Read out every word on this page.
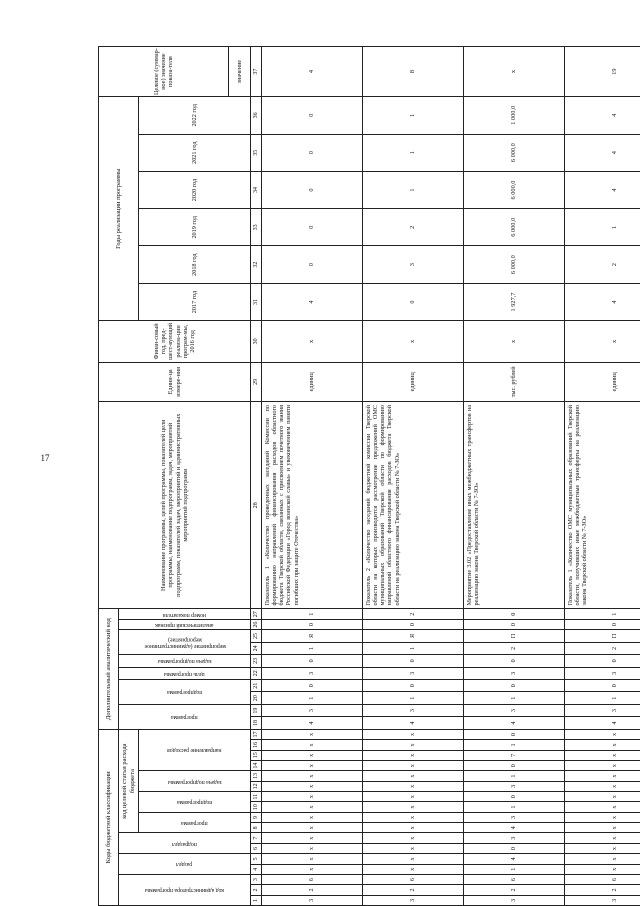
17
Коды бюджетной классификации																	Дополнительный аналитический код										Наименование программы, целей программы, показателей цели программы, наименование подпрограмм, задач, мероприятий подпрограмм, показателей задач, мероприятий и административных мероприятий подпрограмм	Едини-ца измере-ния	Финан-совый год, пред-шест-вующий реализа-ции програм-мы, 2016 год	Годы реализации программы						Целевое (суммар-ное) значение показа-теля

код администратора программы			раздел		подраздел		код целевой статьи расхода бюджета										программа		подпрограмма		цель программы	задача подпрограммы	мероприятие (административное мероприятие)		аналитический признак	номер показателя										

							программа		подпрограмма		задача подпрограммы		направление расходов																	2017 год	2018 год	2019 год	2020 год	2021 год	2022 год	
																																				значение
1	2	3	4	5	6	7	8	9	10	11	12	13	14	15	16	17	18	19	20	21	22	23	24	25	26	27	28	29	30	31	32	33	34	35	36	37
3	2	6	х	х	х	х	х	х	х	х	х	х	х	х	х	х	4	3	1	0	3	0	1	Я	0	1	Показатель 1 «Количество проведенных заседаний Комиссии по формированию направлений финансирования расходов областного бюджета Тверской области, связанных с присвоением почетного звания Российской Федерации «Город воинской славы» и увековечением памяти погибших при защите Отечества»	единиц	х	4	0	0	0	0	0	4
3	2	6	х	х	х	х	х	х	х	х	х	х	х	х	х	х	4	3	1	0	3	0	1	Я	0	2	Показатель 2 «Количество заседаний бюджетной комиссии Тверской области на которых производится рассмотрение предложений ОМС муниципальных образований Тверской области по формированию направлений областного финансирования расходов бюджета Тверской области на реализацию закона Тверской области № 7-ЗО»	единиц	х	0	3	2	1	1	1	8
3	2	6	1	4	0	3	4	3	1	0	3	1	0	7	1	0	4	3	1	0	3	0	2	П	0	0	Мероприятие 3.02 «Предоставление иных межбюджетных трансфертов на реализацию закона Тверской области № 7-ЗО»	тыс. рублей	х	1 927,7	6 000,0	6 000,0	6 000,0	6 000,0	1 000,0	х
3	2	6	х	х	х	х	х	х	х	х	х	х	х	х	х	х	4	3	1	0	3	0	2	П	0	1	Показатель 1 «Количество ОМС муниципальных образований Тверской области, получивших иные межбюджетные трансферты на реализацию закона Тверской области № 7-ЗО»	единиц	х	4	2	1	4	4	4	19
